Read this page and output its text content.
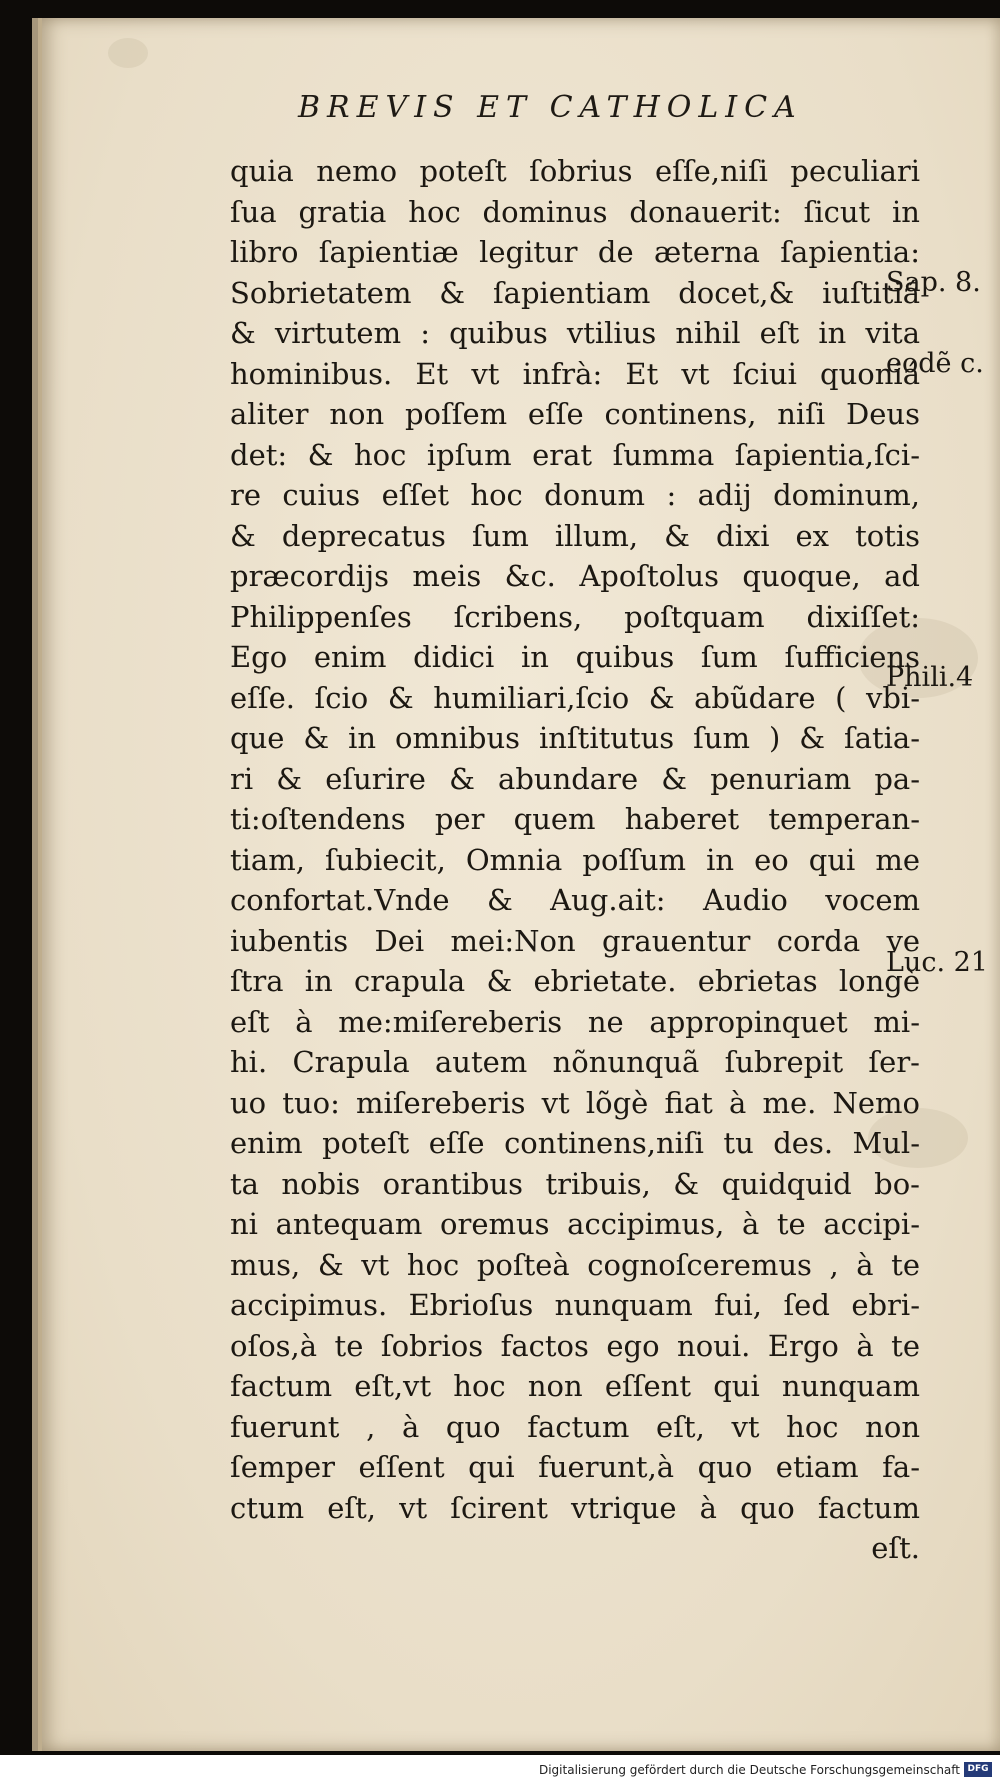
BREVIS ET CATHOLICA
quia nemo poteſt ſobrius eſſe,niſi peculiari
ſua gratia hoc dominus donauerit: ſicut in
libro ſapientiæ legitur de æterna ſapientia:
Sobrietatem & ſapientiam docet,& iuſtitiá
& virtutem : quibus vtilius nihil eſt in vita
hominibus. Et vt infrà: Et vt ſciui quoniá
aliter non poſſem eſſe continens, niſi Deus
det: & hoc ipſum erat ſumma ſapientia,ſci-
re cuius eſſet hoc donum : adij dominum,
& deprecatus ſum illum, & dixi ex totis
præcordijs meis &c. Apoſtolus quoque, ad
Philippenſes ſcribens, poſtquam dixiſſet:
Ego enim didici in quibus ſum ſufficiens
eſſe. ſcio & humiliari,ſcio & abũdare ( vbi-
que & in omnibus inſtitutus ſum ) & ſatia-
ri & eſurire & abundare & penuriam pa-
ti:oſtendens per quem haberet temperan-
tiam, ſubiecit, Omnia poſſum in eo qui me
confortat.Vnde & Aug.ait: Audio vocem
iubentis Dei mei:Non grauentur corda ve
ſtra in crapula & ebrietate. ebrietas longè
eſt à me:miſereberis ne appropinquet mi-
hi. Crapula autem nõnunquã ſubrepit ſer-
uo tuo: miſereberis vt lõgè fiat à me. Nemo
enim poteſt eſſe continens,niſi tu des. Mul-
ta nobis orantibus tribuis, & quidquid bo-
ni antequam oremus accipimus, à te accipi-
mus, & vt hoc poſteà cognoſceremus , à te
accipimus. Ebrioſus nunquam fui, ſed ebri-
oſos,à te ſobrios factos ego noui. Ergo à te
factum eſt,vt hoc non eſſent qui nunquam
fuerunt , à quo factum eſt, vt hoc non
ſemper eſſent qui fuerunt,à quo etiam fa-
ctum eſt, vt ſcirent vtrique à quo factum
eſt.
Sap. 8.
eodẽ c.
Phili.4
Luc. 21
Digitalisierung gefördert durch die Deutsche Forschungsgemeinschaft DFG
